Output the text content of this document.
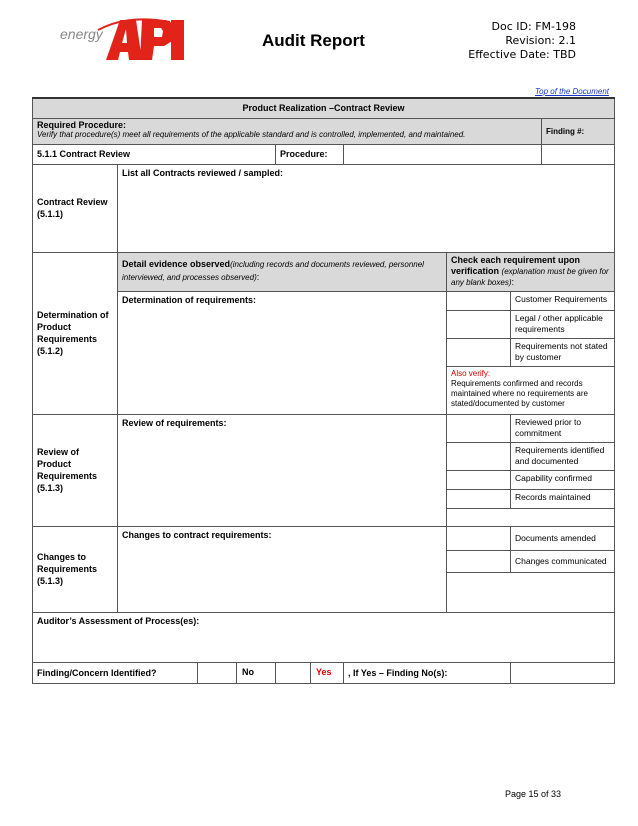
energy	Audit Report
Doc ID: FM-198
Revision: 2.1
Effective Date: TBD
Top of the Document
Product Realization –Contract Review							

Required Procedure:
Verify that procedure(s) meet all requirements of the applicable standard and is controlled, implemented, and maintained.							Finding #:
5.1.1 Contract Review			Procedure:				
Contract Review (5.1.1)	List all Contracts reviewed / sampled:						
Determination of Product Requirements (5.1.2)	Detail evidence observed(including records and documents reviewed, personnel interviewed, and processes observed):				Check each requirement upon verification (explanation must be given for any blank boxes):		
	Determination of requirements:					Customer Requirements	
						Legal / other applicable requirements	
						Requirements not stated by customer	

					Also verify:
Requirements confirmed and records maintained where no requirements are stated/documented by customer		

Review of Product Requirements (5.1.3)	Review of requirements:					Reviewed prior to commitment	
						Requirements identified and documented	
						Capability confirmed	
						Records maintained	

Changes to Requirements (5.1.3)	Changes to contract requirements:					Documents amended	
						Changes communicated	

Auditor’s Assessment of Process(es):							
Finding/Concern Identified?		No	Yes	, If Yes – Finding No(s):			
Page 15 of 33
